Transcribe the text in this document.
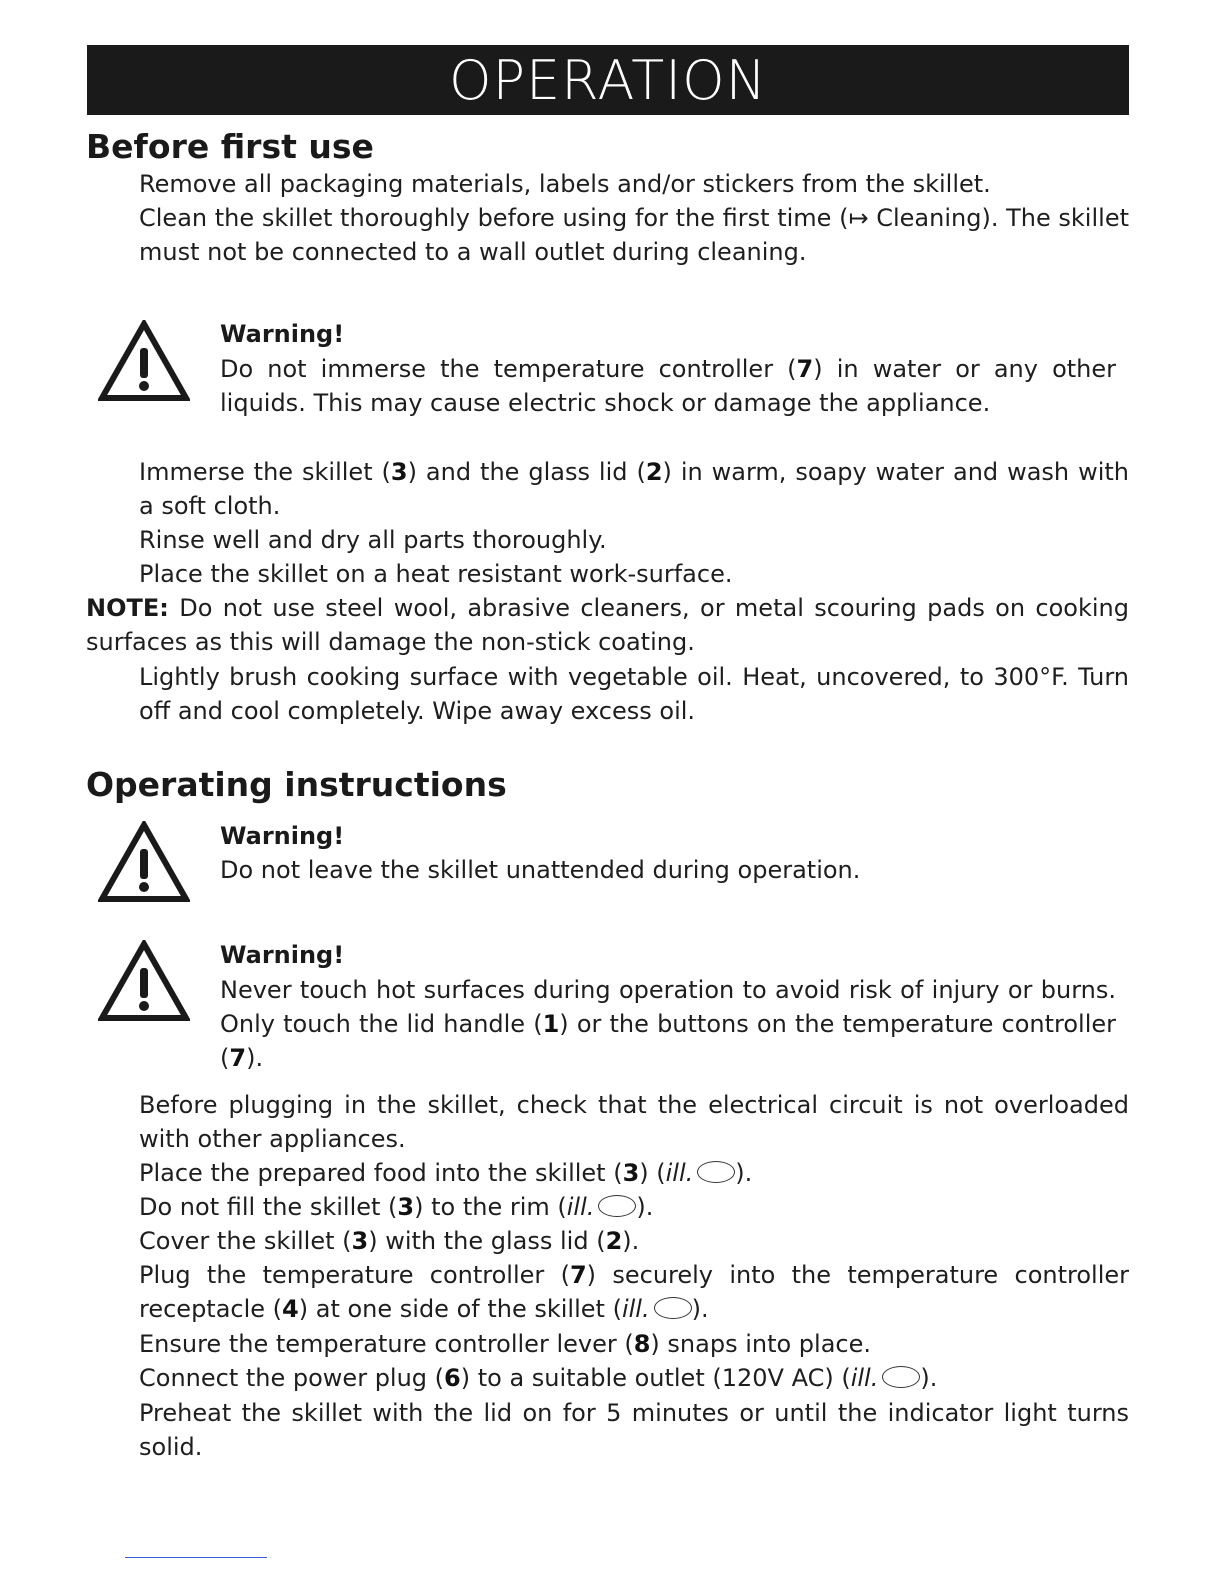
OPERATION
Before first use
Remove all packaging materials, labels and/or stickers from the skillet.
Clean the skillet thoroughly before using for the first time (↦ Cleaning). The skillet
must not be connected to a wall outlet during cleaning.
Warning!
Do not immerse the temperature controller (7) in water or any other liquids. This may cause electric shock or damage the appliance.
Immerse the skillet (3) and the glass lid (2) in warm, soapy water and wash with a soft cloth.
Rinse well and dry all parts thoroughly.
Place the skillet on a heat resistant work-surface.
NOTE: Do not use steel wool, abrasive cleaners, or metal scouring pads on cooking surfaces as this will damage the non-stick coating.
Lightly brush cooking surface with vegetable oil. Heat, uncovered, to 300°F. Turn off and cool completely. Wipe away excess oil.
Operating instructions
Warning!
Do not leave the skillet unattended during operation.
Warning!
Never touch hot surfaces during operation to avoid risk of injury or burns. Only touch the lid handle (1) or the buttons on the temperature controller (7).
Before plugging in the skillet, check that the electrical circuit is not overloaded with other appliances.
Place the prepared food into the skillet (3) (ill. ).
Do not fill the skillet (3) to the rim (ill. ).
Cover the skillet (3) with the glass lid (2).
Plug the temperature controller (7) securely into the temperature controller receptacle (4) at one side of the skillet (ill. ).
Ensure the temperature controller lever (8) snaps into place.
Connect the power plug (6) to a suitable outlet (120V AC) (ill. ).
Preheat the skillet with the lid on for 5 minutes or until the indicator light turns solid.
